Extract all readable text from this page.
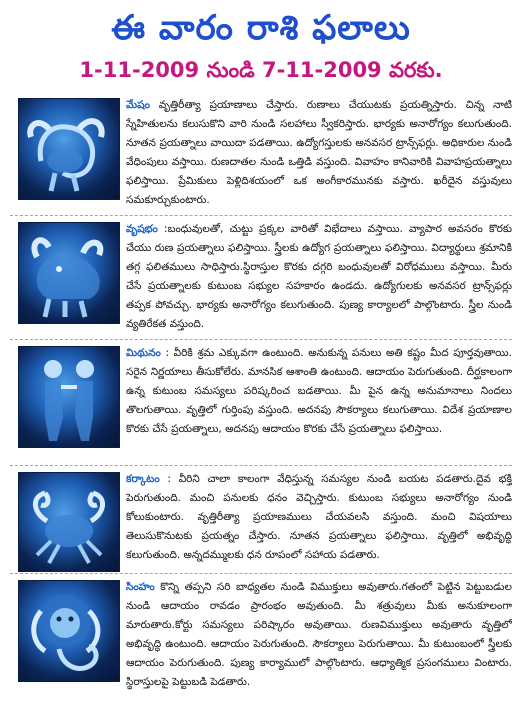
ఈ వారం రాశి ఫలాలు
1-11-2009 నుండి 7-11-2009 వరకు.
మేషం వృత్తిరీత్యా ప్రయాణాలు చేస్తారు. రుణాలు చేయుటకు ప్రయత్నిస్తారు. చిన్న నాటి స్నేహితులను కలుసుకొని వారి నుండి సలహాలు స్వీకరిస్తారు. భార్యకు అనారోగ్యం కలుగుతుంది. నూతన ప్రయత్నాలు వాయిదా పడతాయి. ఉద్యోగస్తులకు అనవసర ట్రాన్స్‌ఫర్లు. అధికారుల నుండి వేధింపులు వస్తాయి. రుణదాతల నుండి ఒత్తిడి వస్తుంది. వివాహం కానివారికి వివాహప్రయత్నాలు ఫలిస్తాయి. ప్రేమికులు పెళ్లిదిశయంలో ఒక అంగీకారమునకు వస్తారు. ఖరీదైన వస్తువులు సమకూర్చుకుంటారు.
వృషభం :బంధువులతో, చుట్టు ప్రక్కల వారితో విభేదాలు వస్తాయి. వ్యాపార అవసరం కొరకు చేయు రుణ ప్రయత్నాలు ఫలిస్తాయి. స్త్రీలకు ఉద్యోగ ప్రయత్నాలు ఫలిస్తాయి. విద్యార్థులు శ్రమానికి తగ్గ ఫలితములు సాధిస్తారు.స్థిరాస్తుల కొరకు దగ్గరి బంధువులతో విరోధములు వస్తాయి. మీరు చేసే ప్రయత్నాలకు కుటుంబ సభ్యుల సహకారం ఉండదు. ఉద్యోగులకు అనవసర ట్రాన్స్‌ఫర్లు తప్పక పోవచ్చు. భార్యకు అనారోగ్యం కలుగుతుంది. పుణ్య కార్యాలలో పాల్గొంటారు. స్త్రీల నుండి వ్యతిరేకత వస్తుంది.
మిథునం : వీరికి శ్రమ ఎక్కువగా ఉంటుంది. అనుకున్న పనులు అతి కష్టం మీద పూర్తవుతాయి. సరైన నిర్ణయాలు తీసుకోలేరు. మానసిక ఆశాంతి ఉంటుంది. ఆదాయం పెరుగుతుంది. దీర్ఘకాలంగా ఉన్న కుటుంబ సమస్యలు పరిష్కరించ బడతాయి. మీ పైన ఉన్న అనుమానాలు నిందలు తొలగుతాయి. వృత్తిలో గుర్తింపు వస్తుంది. అదనపు సౌకర్యాలు కలుగుతాయి. విదేశ ప్రయాణాల కొరకు చేసే ప్రయత్నాలు, అదనపు ఆదాయం కొరకు చేసే ప్రయత్నాలు ఫలిస్తాయి.
కర్కాటం : వీరిని చాలా కాలంగా వేధిస్తున్న సమస్యల నుండి బయట పడతారు.దైవ భక్తి పెరుగుతుంది. మంచి పనులకు ధనం వెచ్చిస్తారు. కుటుంబ సభ్యులు అనారోగ్యం నుండి కోలుకుంటారు. వృత్తిరీత్యా ప్రయాణములు చేయవలసి వస్తుంది. మంచి విషయాలు తెలుసుకొనుటకు ప్రయత్నం చేస్తారు. నూతన ప్రయత్నాలు ఫలిస్తాయి. వృత్తిలో అభివృద్ధి కలుగుతుంది. అన్నదమ్ములకు ధన రూపంలో సహాయ పడతారు.
సింహం కొన్ని తప్పని సరి బాధ్యతల నుండి విముక్తులు అవుతారు.గతంలో పెట్టిన పెట్టుబడుల నుండి ఆదాయం రావడం ప్రారంభం అవుతుంది. మీ శత్రువులు మీకు అనుకూలంగా మారుతారు.కోర్టు సమస్యలు పరిష్కారం అవుతాయి. రుణవిముక్తులు అవుతారు వృత్తిలో అభివృద్ధి ఉంటుంది. ఆదాయం పెరుగుతుంది. సౌకర్యాలు పెరుగుతాయి. మీ కుటుంబంలో స్త్రీలకు ఆదాయం పెరుగుతుంది. పుణ్య కార్యాములో పాల్గొంటారు. ఆధ్యాత్మిక ప్రసంగములు వింటారు. స్థిరాస్తులపై పెట్టుబడి పెడతారు.
